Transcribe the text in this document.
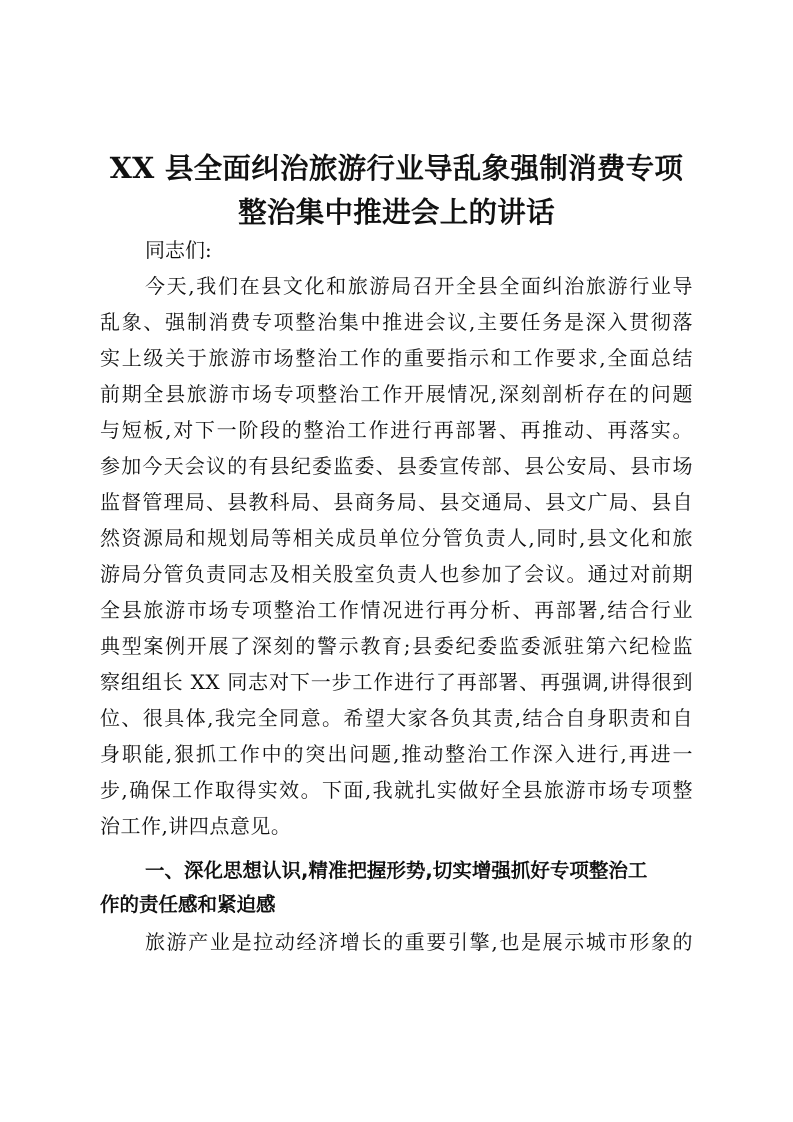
XX 县全面纠治旅游行业导乱象强制消费专项
整治集中推进会上的讲话

同志们:

今天,我们在县文化和旅游局召开全县全面纠治旅游行业导
乱象、强制消费专项整治集中推进会议,主要任务是深入贯彻落
实上级关于旅游市场整治工作的重要指示和工作要求,全面总结
前期全县旅游市场专项整治工作开展情况,深刻剖析存在的问题
与短板,对下一阶段的整治工作进行再部署、再推动、再落实。
参加今天会议的有县纪委监委、县委宣传部、县公安局、县市场
监督管理局、县教科局、县商务局、县交通局、县文广局、县自
然资源局和规划局等相关成员单位分管负责人,同时,县文化和旅
游局分管负责同志及相关股室负责人也参加了会议。通过对前期
全县旅游市场专项整治工作情况进行再分析、再部署,结合行业
典型案例开展了深刻的警示教育;县委纪委监委派驻第六纪检监
察组组长 XX 同志对下一步工作进行了再部署、再强调,讲得很到
位、很具体,我完全同意。希望大家各负其责,结合自身职责和自
身职能,狠抓工作中的突出问题,推动整治工作深入进行,再进一
步,确保工作取得实效。下面,我就扎实做好全县旅游市场专项整
治工作,讲四点意见。

一、深化思想认识,精准把握形势,切实增强抓好专项整治工
作的责任感和紧迫感

旅游产业是拉动经济增长的重要引擎,也是展示城市形象的
